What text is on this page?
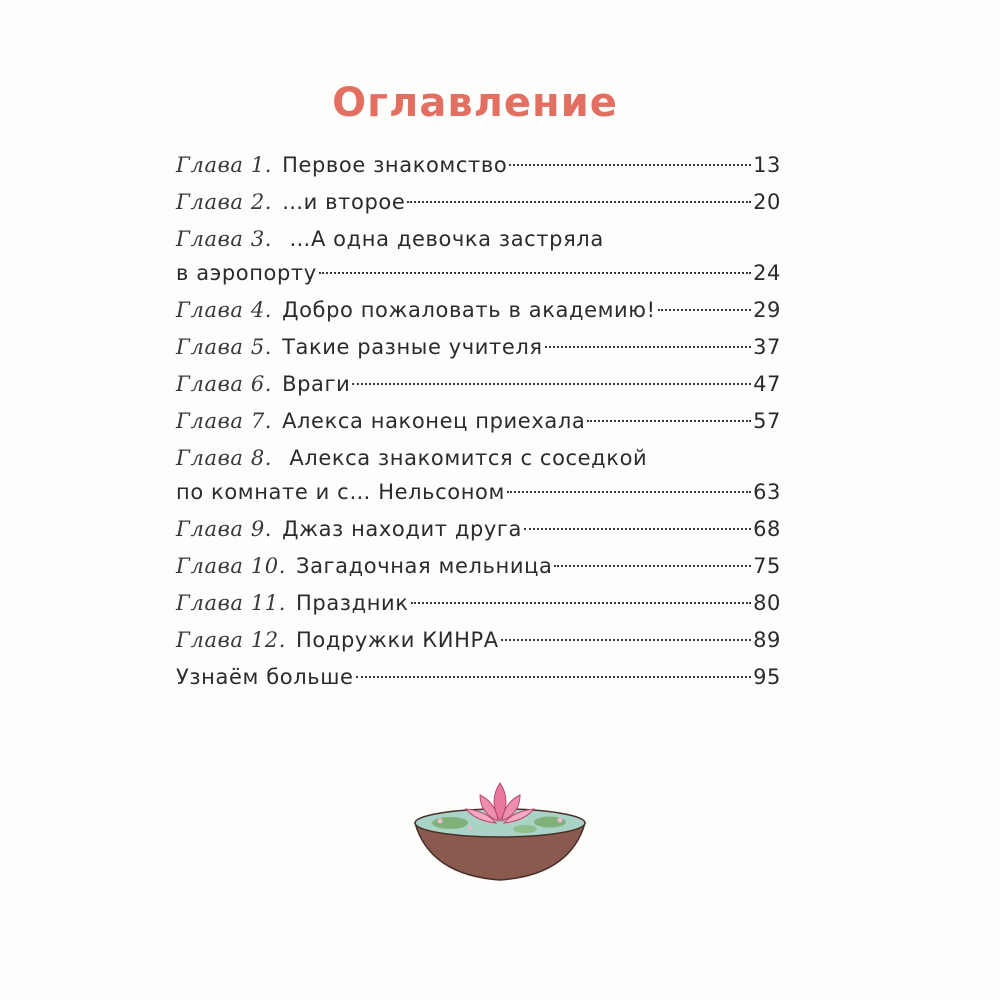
Оглавление
Глава 1. Первое знакомство	13
Глава 2. …и второе	20
Глава 3. …А одна девочка застряла
в аэропорту	24
Глава 4. Добро пожаловать в академию!	29
Глава 5. Такие разные учителя	37
Глава 6. Враги	47
Глава 7. Алекса наконец приехала	57
Глава 8. Алекса знакомится с соседкой
по комнате и с… Нельсоном	63
Глава 9. Джаз находит друга	68
Глава 10. Загадочная мельница	75
Глава 11. Праздник	80
Глава 12. Подружки КИНРА	89
Узнаём больше	95
